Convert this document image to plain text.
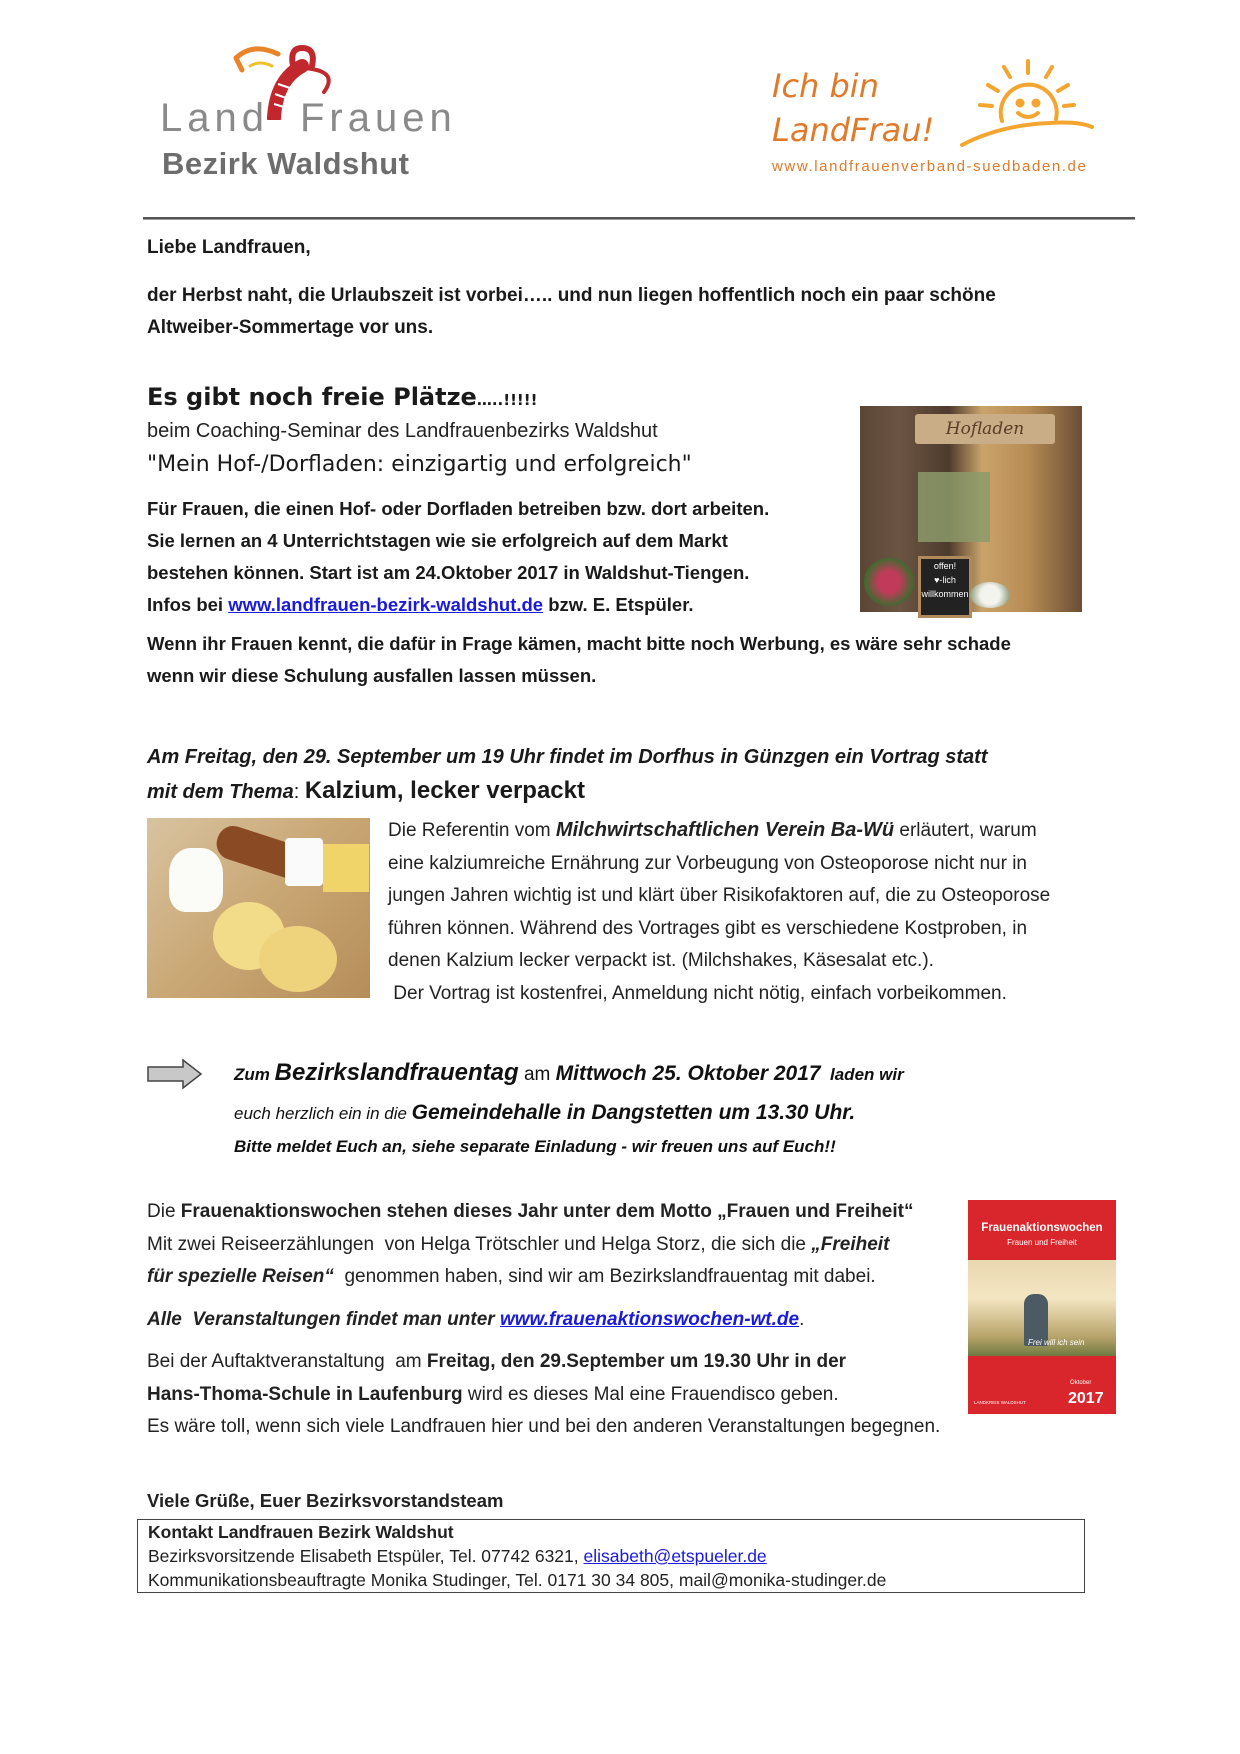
Land Frauen
Bezirk Waldshut
Ich bin
LandFrau!
www.landfrauenverband-suedbaden.de

Liebe Landfrauen,

der Herbst naht, die Urlaubszeit ist vorbei….. und nun liegen hoffentlich noch ein paar schöne

Altweiber-Sommertage vor uns.

Es gibt noch freie Plätze…..!!!!!
beim Coaching-Seminar des Landfrauenbezirks Waldshut
"Mein Hof-/Dorfladen: einzigartig und erfolgreich"
Für Frauen, die einen Hof- oder Dorfladen betreiben bzw. dort arbeiten.
Sie lernen an 4 Unterrichtstagen wie sie erfolgreich auf dem Markt
bestehen können. Start ist am 24.Oktober 2017 in Waldshut-Tiengen.
Infos bei www.landfrauen-bezirk-waldshut.de bzw. E. Etspüler.
Wenn ihr Frauen kennt, die dafür in Frage kämen, macht bitte noch Werbung, es wäre sehr schade
wenn wir diese Schulung ausfallen lassen müssen.
Hofladen
offen!
♥-lich
willkommen
Am Freitag, den 29. September um 19 Uhr findet im Dorfhus in Günzgen ein Vortrag statt
mit dem Thema: Kalzium, lecker verpackt
Die Referentin vom Milchwirtschaftlichen Verein Ba-Wü erläutert, warum
eine kalziumreiche Ernährung zur Vorbeugung von Osteoporose nicht nur in
jungen Jahren wichtig ist und klärt über Risikofaktoren auf, die zu Osteoporose
führen können. Während des Vortrages gibt es verschiedene Kostproben, in
denen Kalzium lecker verpackt ist. (Milchshakes, Käsesalat etc.).
Der Vortrag ist kostenfrei, Anmeldung nicht nötig, einfach vorbeikommen.
Zum Bezirkslandfrauentag am Mittwoch 25. Oktober 2017  laden wir
euch herzlich ein in die Gemeindehalle in Dangstetten um 13.30 Uhr.
Bitte meldet Euch an, siehe separate Einladung - wir freuen uns auf Euch!!

Die Frauenaktionswochen stehen dieses Jahr unter dem Motto „Frauen und Freiheit“

Mit zwei Reiseerzählungen  von Helga Trötschler und Helga Storz, die sich die „Freiheit

für spezielle Reisen“  genommen haben, sind wir am Bezirkslandfrauentag mit dabei.

Alle  Veranstaltungen findet man unter www.frauenaktionswochen-wt.de.

Bei der Auftaktveranstaltung  am Freitag, den 29.September um 19.30 Uhr in der

Hans-Thoma-Schule in Laufenburg wird es dieses Mal eine Frauendisco geben.

Es wäre toll, wenn sich viele Landfrauen hier und bei den anderen Veranstaltungen begegnen.

Frauenaktionswochen
Frauen und Freiheit
Frei will ich sein
Oktober
2017
LANDKREIS WALDSHUT
Viele Grüße, Euer Bezirksvorstandsteam
Kontakt Landfrauen Bezirk Waldshut
Bezirksvorsitzende Elisabeth Etspüler, Tel. 07742 6321, elisabeth@etspueler.de
Kommunikationsbeauftragte Monika Studinger, Tel. 0171 30 34 805, mail@monika-studinger.de
